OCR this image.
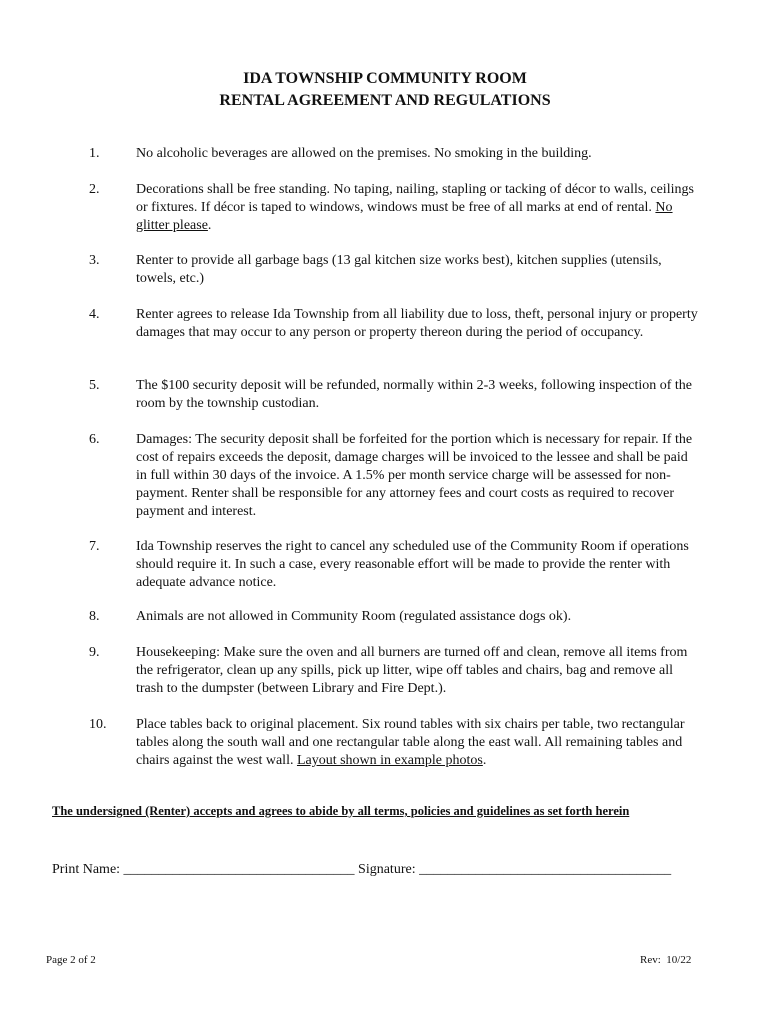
IDA TOWNSHIP COMMUNITY ROOM
RENTAL AGREEMENT AND REGULATIONS
1.	No alcoholic beverages are allowed on the premises. No smoking in the building.
2.	Decorations shall be free standing. No taping, nailing, stapling or tacking of décor to walls, ceilings or fixtures. If décor is taped to windows, windows must be free of all marks at end of rental. No glitter please.
3.	Renter to provide all garbage bags (13 gal kitchen size works best), kitchen supplies (utensils, towels, etc.)
4.	Renter agrees to release Ida Township from all liability due to loss, theft, personal injury or property damages that may occur to any person or property thereon during the period of occupancy.
5.	The $100 security deposit will be refunded, normally within 2-3 weeks, following inspection of the room by the township custodian.
6.	Damages: The security deposit shall be forfeited for the portion which is necessary for repair. If the cost of repairs exceeds the deposit, damage charges will be invoiced to the lessee and shall be paid in full within 30 days of the invoice. A 1.5% per month service charge will be assessed for non-payment. Renter shall be responsible for any attorney fees and court costs as required to recover payment and interest.
7.	Ida Township reserves the right to cancel any scheduled use of the Community Room if operations should require it. In such a case, every reasonable effort will be made to provide the renter with adequate advance notice.
8.	Animals are not allowed in Community Room (regulated assistance dogs ok).
9.	Housekeeping: Make sure the oven and all burners are turned off and clean, remove all items from the refrigerator, clean up any spills, pick up litter, wipe off tables and chairs, bag and remove all trash to the dumpster (between Library and Fire Dept.).
10. Place tables back to original placement. Six round tables with six chairs per table, two rectangular tables along the south wall and one rectangular table along the east wall. All remaining tables and chairs against the west wall. Layout shown in example photos.
The undersigned (Renter) accepts and agrees to abide by all terms, policies and guidelines as set forth herein
Print Name: _________________________________ Signature: ____________________________________
Page 2 of 2	Rev:  10/22
